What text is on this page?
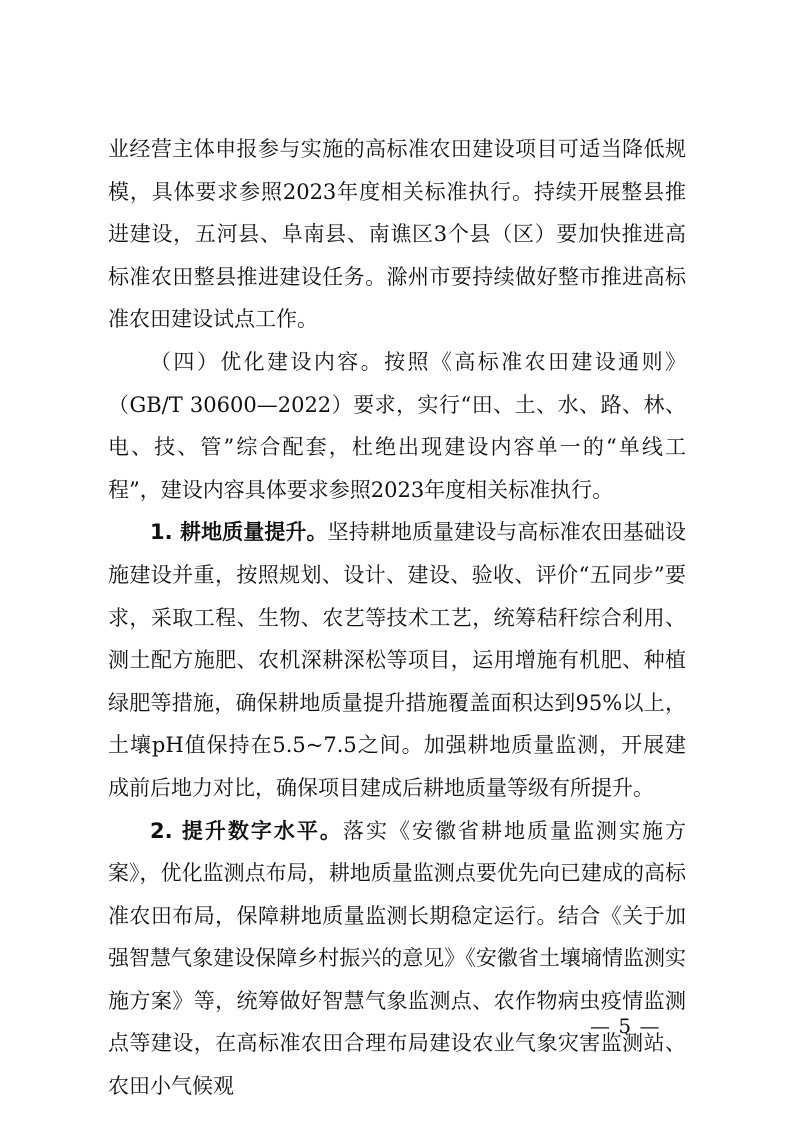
业经营主体申报参与实施的高标准农田建设项目可适当降低规模，具体要求参照2023年度相关标准执行。持续开展整县推进建设，五河县、阜南县、南谯区3个县（区）要加快推进高标准农田整县推进建设任务。滁州市要持续做好整市推进高标准农田建设试点工作。

（四）优化建设内容。按照《高标准农田建设通则》（GB/T 30600—2022）要求，实行“田、土、水、路、林、电、技、管”综合配套，杜绝出现建设内容单一的“单线工程”，建设内容具体要求参照2023年度相关标准执行。

1. 耕地质量提升。坚持耕地质量建设与高标准农田基础设施建设并重，按照规划、设计、建设、验收、评价“五同步”要求，采取工程、生物、农艺等技术工艺，统筹秸秆综合利用、测土配方施肥、农机深耕深松等项目，运用增施有机肥、种植绿肥等措施，确保耕地质量提升措施覆盖面积达到95%以上，土壤pH值保持在5.5~7.5之间。加强耕地质量监测，开展建成前后地力对比，确保项目建成后耕地质量等级有所提升。

2. 提升数字水平。落实《安徽省耕地质量监测实施方案》，优化监测点布局，耕地质量监测点要优先向已建成的高标准农田布局，保障耕地质量监测长期稳定运行。结合《关于加强智慧气象建设保障乡村振兴的意见》《安徽省土壤墒情监测实施方案》等，统筹做好智慧气象监测点、农作物病虫疫情监测点等建设，在高标准农田合理布局建设农业气象灾害监测站、农田小气候观

— 5 —
